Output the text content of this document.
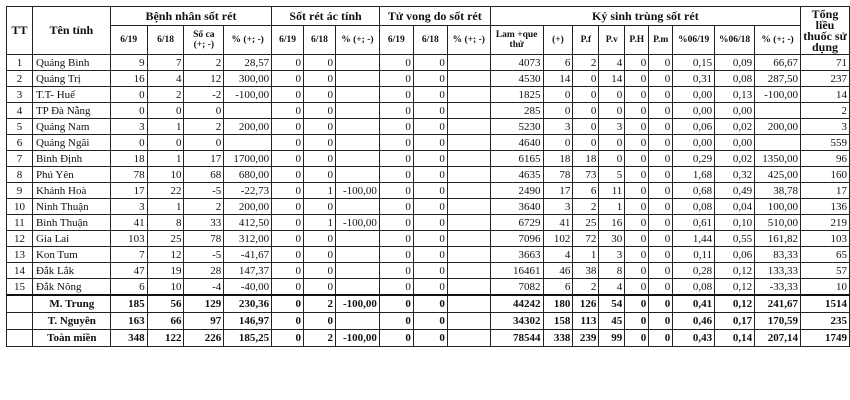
TT	Tên tỉnh	Bệnh nhân sốt rét				Sốt rét ác tính			Tử vong do sốt rét			Ký sinh trùng sốt rét									Tổng liều thuốc sử dụng
		6/19	6/18	Số ca (+; -)	% (+; -)	6/19	6/18	% (+; -)	6/19	6/18	% (+; -)	Lam +que thử	(+)	P.f	P.v	P.H	P.m	%06/19	%06/18	% (+; -)	
1	Quảng Bình	9	7	2	28,57	0	0		0	0		4073	6	2	4	0	0	0,15	0,09	66,67	71
2	Quảng Trị	16	4	12	300,00	0	0		0	0		4530	14	0	14	0	0	0,31	0,08	287,50	237
3	T.T- Huế	0	2	-2	-100,00	0	0		0	0		1825	0	0	0	0	0	0,00	0,13	-100,00	14
4	TP Đà Nẵng	0	0	0		0	0		0	0		285	0	0	0	0	0	0,00	0,00		2
5	Quảng Nam	3	1	2	200,00	0	0		0	0		5230	3	0	3	0	0	0,06	0,02	200,00	3
6	Quảng Ngãi	0	0	0		0	0		0	0		4640	0	0	0	0	0	0,00	0,00		559
7	Bình Định	18	1	17	1700,00	0	0		0	0		6165	18	18	0	0	0	0,29	0,02	1350,00	96
8	Phú Yên	78	10	68	680,00	0	0		0	0		4635	78	73	5	0	0	1,68	0,32	425,00	160
9	Khánh Hoà	17	22	-5	-22,73	0	1	-100,00	0	0		2490	17	6	11	0	0	0,68	0,49	38,78	17
10	Ninh Thuận	3	1	2	200,00	0	0		0	0		3640	3	2	1	0	0	0,08	0,04	100,00	136
11	Bình Thuận	41	8	33	412,50	0	1	-100,00	0	0		6729	41	25	16	0	0	0,61	0,10	510,00	219
12	Gia Lai	103	25	78	312,00	0	0		0	0		7096	102	72	30	0	0	1,44	0,55	161,82	103
13	Kon Tum	7	12	-5	-41,67	0	0		0	0		3663	4	1	3	0	0	0,11	0,06	83,33	65
14	Đắk Lắk	47	19	28	147,37	0	0		0	0		16461	46	38	8	0	0	0,28	0,12	133,33	57
15	Đắk Nông	6	10	-4	-40,00	0	0		0	0		7082	6	2	4	0	0	0,08	0,12	-33,33	10
	M. Trung	185	56	129	230,36	0	2	-100,00	0	0		44242	180	126	54	0	0	0,41	0,12	241,67	1514
	T. Nguyên	163	66	97	146,97	0	0		0	0		34302	158	113	45	0	0	0,46	0,17	170,59	235
	Toàn miền	348	122	226	185,25	0	2	-100,00	0	0		78544	338	239	99	0	0	0,43	0,14	207,14	1749
